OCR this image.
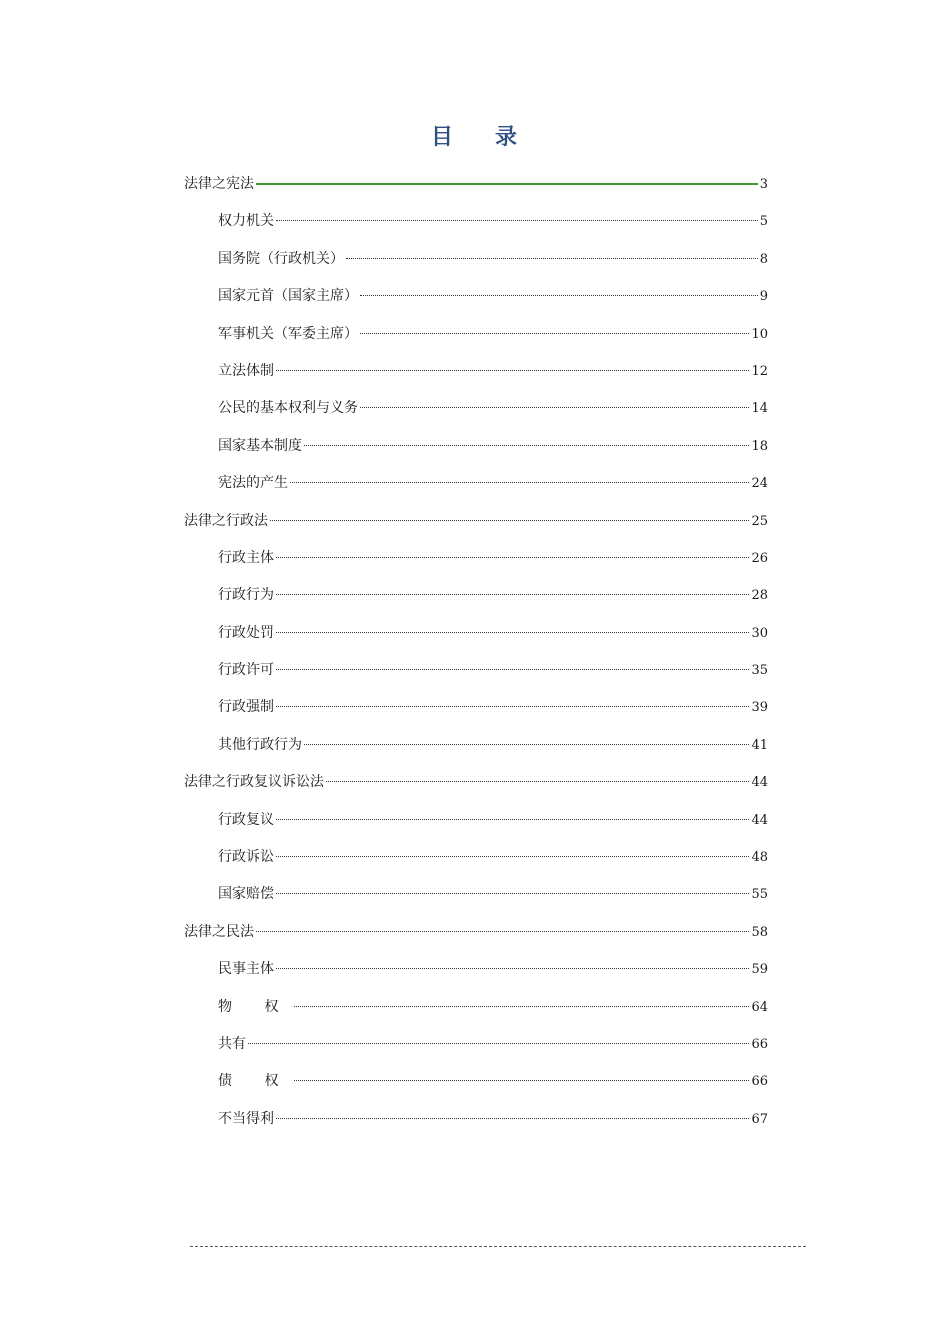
目 录
法律之宪法	3
权力机关	5
国务院（行政机关）	8
国家元首（国家主席）	9
军事机关（军委主席）	10
立法体制	12
公民的基本权利与义务	14
国家基本制度	18
宪法的产生	24
法律之行政法	25
行政主体	26
行政行为	28
行政处罚	30
行政许可	35
行政强制	39
其他行政行为	41
法律之行政复议诉讼法	44
行政复议	44
行政诉讼	48
国家赔偿	55
法律之民法	58
民事主体	59
物 权	64
共有	66
债 权	66
不当得利	67
